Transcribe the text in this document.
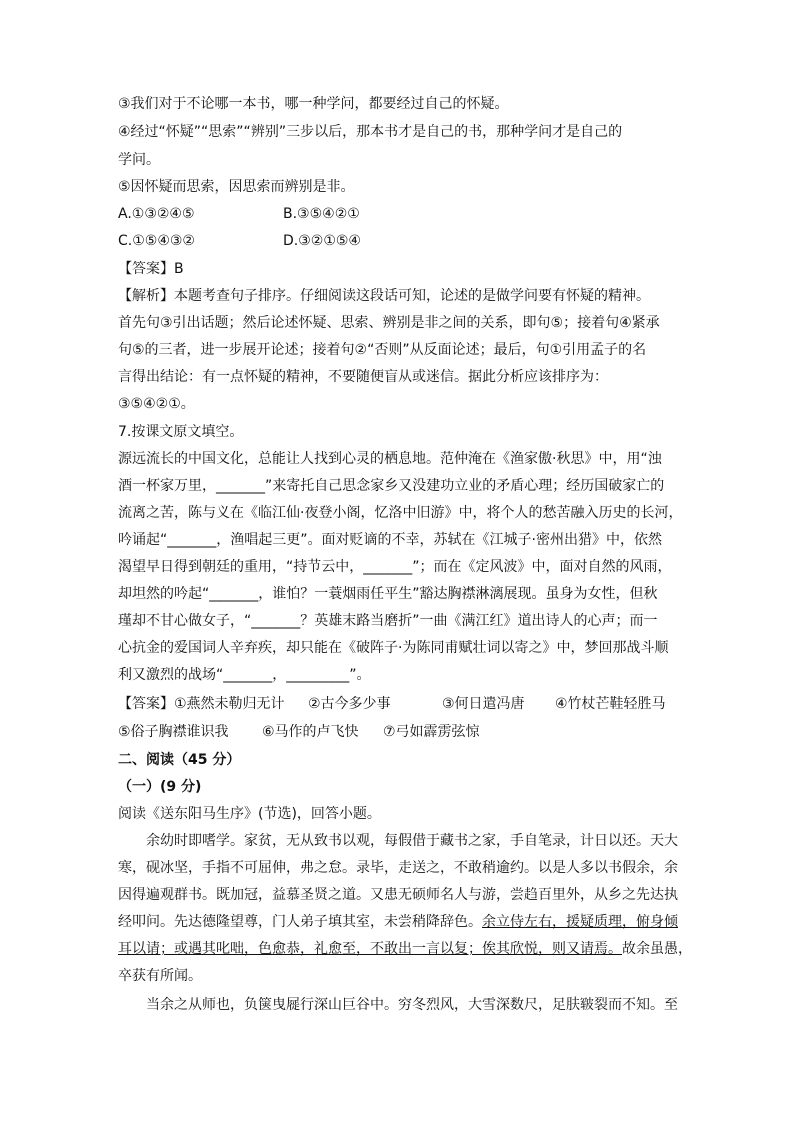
③我们对于不论哪一本书，哪一种学问，都要经过自己的怀疑。
④经过“怀疑”“思索”“辨别”三步以后，那本书才是自己的书，那种学问才是自己的
学问。
⑤因怀疑而思索，因思索而辨别是非。
A.①③②④⑤	B.③⑤④②①
C.①⑤④③②	D.③②①⑤④
【答案】B
【解析】本题考查句子排序。仔细阅读这段话可知，论述的是做学问要有怀疑的精神。
首先句③引出话题；然后论述怀疑、思索、辨别是非之间的关系，即句⑤；接着句④紧承
句⑤的三者，进一步展开论述；接着句②“否则”从反面论述；最后，句①引用孟子的名
言得出结论：有一点怀疑的精神，不要随便盲从或迷信。据此分析应该排序为：
③⑤④②①。
7.按课文原文填空。
源远流长的中国文化，总能让人找到心灵的栖息地。范仲淹在《渔家傲·秋思》中，用“浊
酒一杯家万里，_______”来寄托自己思念家乡又没建功立业的矛盾心理；经历国破家亡的
流离之苦，陈与义在《临江仙·夜登小阁，忆洛中旧游》中，将个人的愁苦融入历史的长河，
吟诵起“_______，渔唱起三更”。面对贬谪的不幸，苏轼在《江城子·密州出猎》中，依然
渴望早日得到朝廷的重用，“持节云中，_______”；而在《定风波》中，面对自然的风雨，
却坦然的吟起“_______，谁怕？一蓑烟雨任平生”豁达胸襟淋漓展现。虽身为女性，但秋
瑾却不甘心做女子，“_______？英雄末路当磨折”一曲《满江红》道出诗人的心声；而一
心抗金的爱国词人辛弃疾，却只能在《破阵子·为陈同甫赋壮词以寄之》中，梦回那战斗顺
利又激烈的战场“_______，_________”。
【答案】 ①燕然未勒归无计 ②古今多少事	③何日遣冯唐 ④竹杖芒鞋轻胜马
⑤俗子胸襟谁识我 ⑥马作的卢飞快 ⑦弓如霹雳弦惊
二、阅读（45 分）
（一）(9 分)
阅读《送东阳马生序》(节选)，回答小题。
余幼时即嗜学。家贫，无从致书以观，每假借于藏书之家，手自笔录，计日以还。天大
寒，砚冰坚，手指不可屈伸，弗之怠。录毕，走送之，不敢稍逾约。以是人多以书假余，余
因得遍观群书。既加冠，益慕圣贤之道。又患无硕师名人与游，尝趋百里外，从乡之先达执
经叩问。先达德隆望尊，门人弟子填其室，未尝稍降辞色。余立侍左右，援疑质理，俯身倾
耳以请；或遇其叱咄，色愈恭，礼愈至，不敢出一言以复；俟其欣悦，则又请焉。故余虽愚，
卒获有所闻。
当余之从师也，负箧曳屣行深山巨谷中。穷冬烈风，大雪深数尺，足肤皲裂而不知。至
